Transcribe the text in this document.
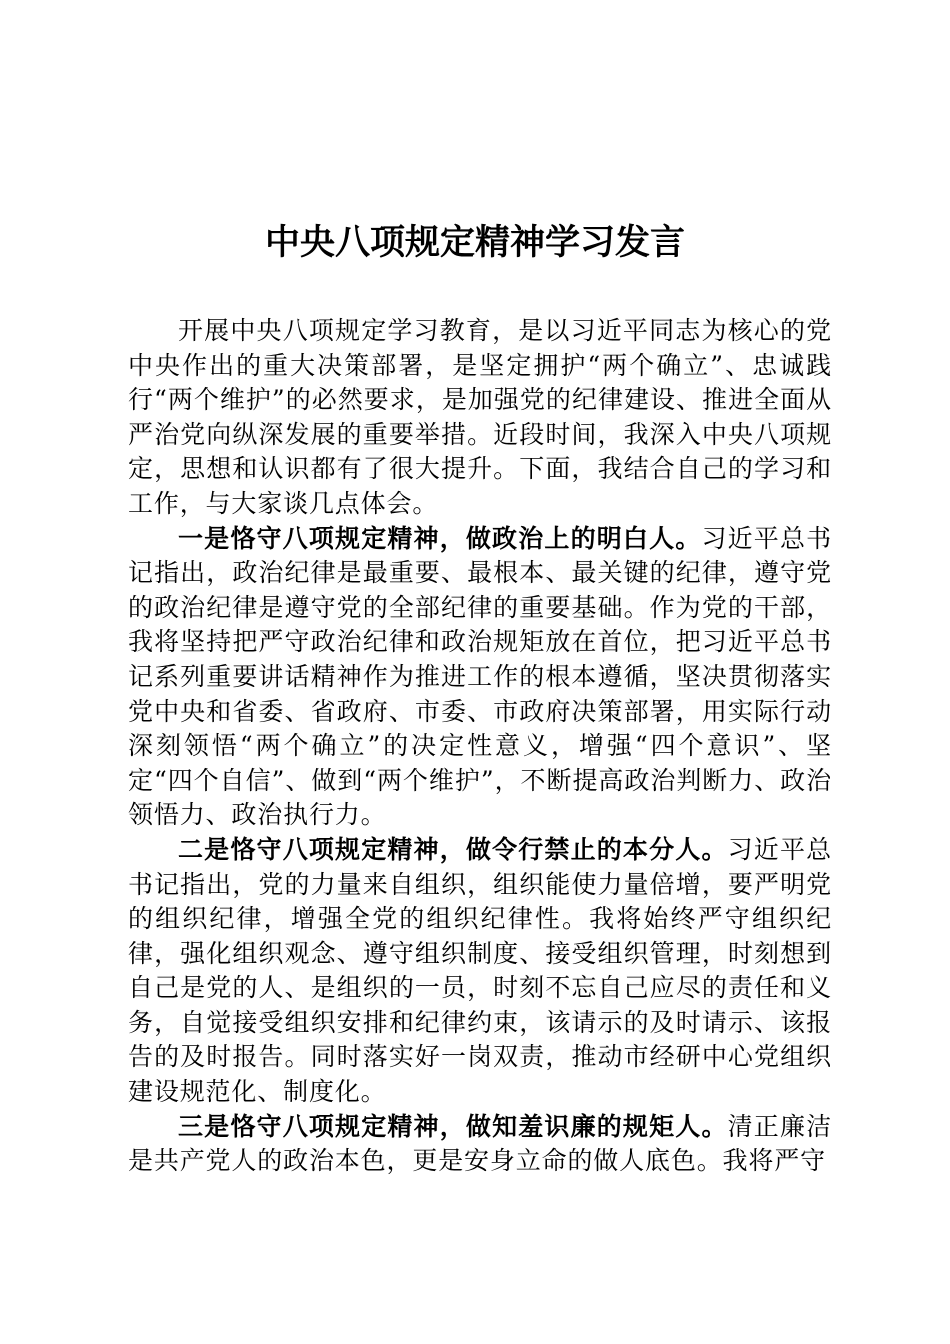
中央八项规定精神学习发言

开展中央八项规定学习教育，是以习近平同志为核心的党中央作出的重大决策部署，是坚定拥护“两个确立”、忠诚践行“两个维护”的必然要求，是加强党的纪律建设、推进全面从严治党向纵深发展的重要举措。近段时间，我深入中央八项规定，思想和认识都有了很大提升。下面，我结合自己的学习和工作，与大家谈几点体会。

一是恪守八项规定精神，做政治上的明白人。习近平总书记指出，政治纪律是最重要、最根本、最关键的纪律，遵守党的政治纪律是遵守党的全部纪律的重要基础。作为党的干部，我将坚持把严守政治纪律和政治规矩放在首位，把习近平总书记系列重要讲话精神作为推进工作的根本遵循，坚决贯彻落实党中央和省委、省政府、市委、市政府决策部署，用实际行动深刻领悟“两个确立”的决定性意义，增强“四个意识”、坚定“四个自信”、做到“两个维护”，不断提高政治判断力、政治领悟力、政治执行力。

二是恪守八项规定精神，做令行禁止的本分人。习近平总书记指出，党的力量来自组织，组织能使力量倍增，要严明党的组织纪律，增强全党的组织纪律性。我将始终严守组织纪律，强化组织观念、遵守组织制度、接受组织管理，时刻想到自己是党的人、是组织的一员，时刻不忘自己应尽的责任和义务，自觉接受组织安排和纪律约束，该请示的及时请示、该报告的及时报告。同时落实好一岗双责，推动市经研中心党组织建设规范化、制度化。

三是恪守八项规定精神，做知羞识廉的规矩人。清正廉洁是共产党人的政治本色，更是安身立命的做人底色。我将严守
